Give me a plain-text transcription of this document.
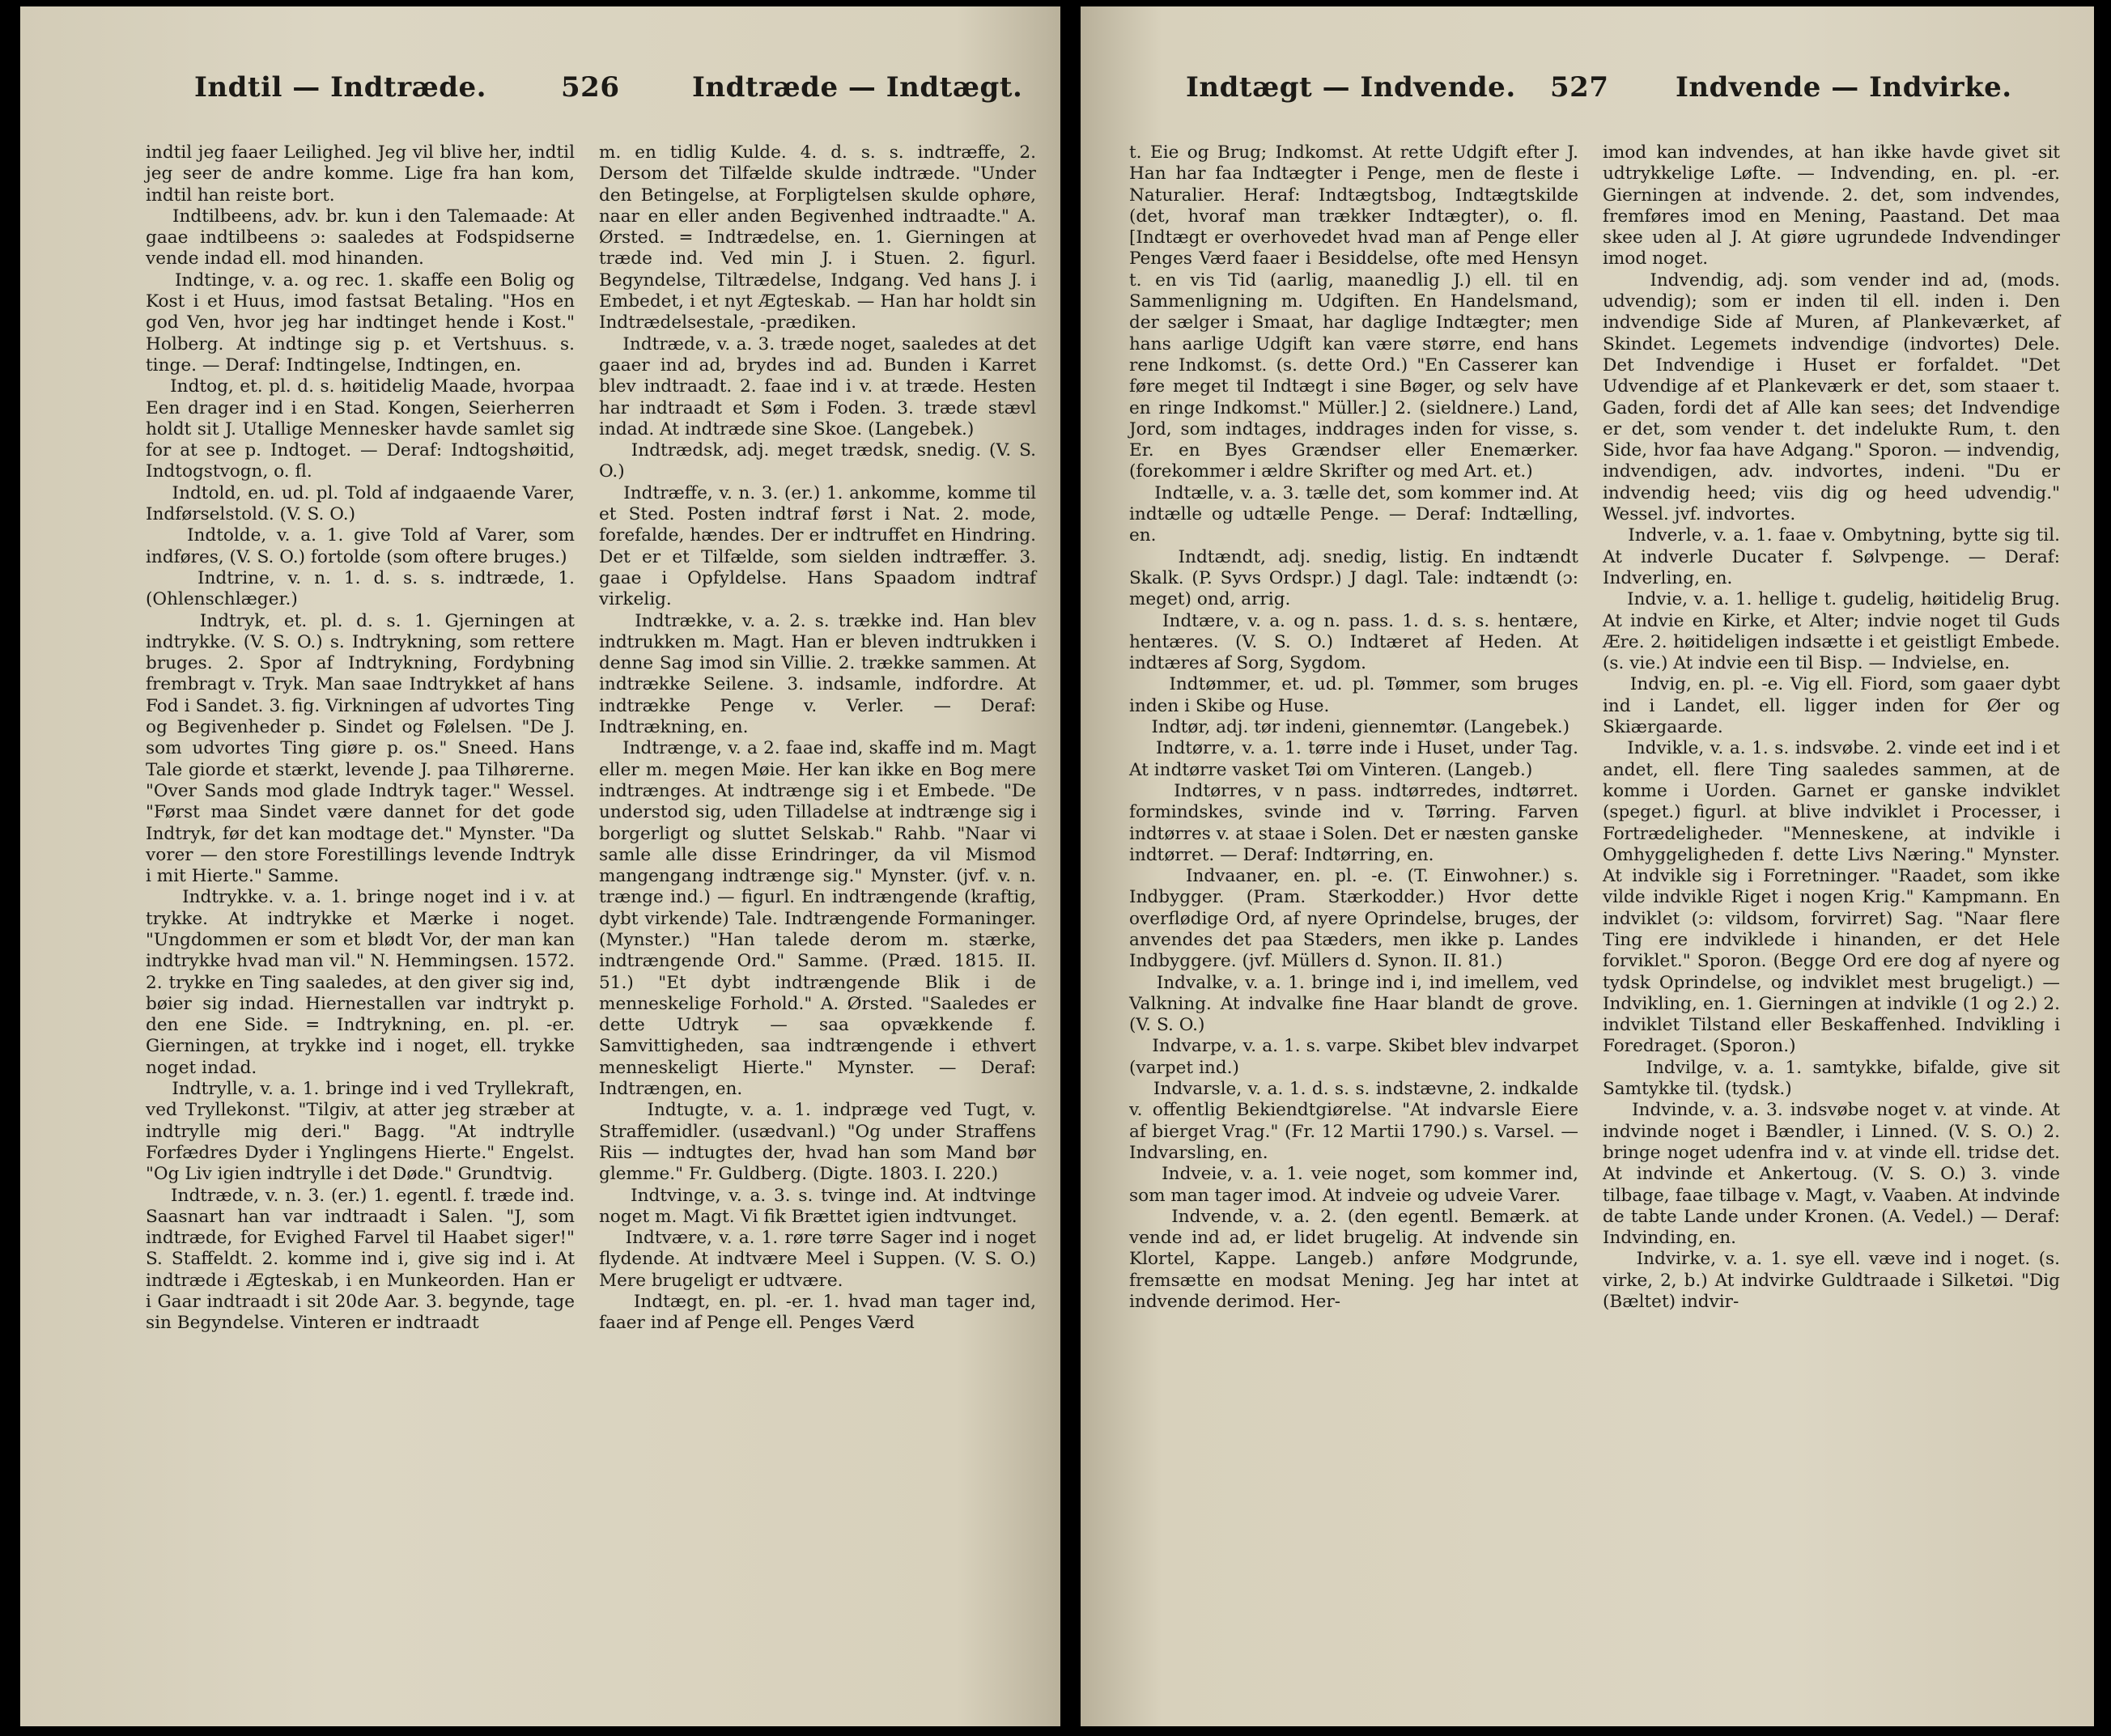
Indtil — Indtræde.	526	Indtræde — Indtægt.

indtil jeg faaer Leilighed. Jeg vil blive her, indtil jeg seer de andre komme. Lige fra han kom, indtil han reiste bort.

Indtilbeens, adv. br. kun i den Talemaade: At gaae indtilbeens ɔ: saaledes at Fodspidserne vende indad ell. mod hinanden.

Indtinge, v. a. og rec. 1. skaffe een Bolig og Kost i et Huus, imod fastsat Betaling. "Hos en god Ven, hvor jeg har indtinget hende i Kost." Holberg. At indtinge sig p. et Vertshuus. s. tinge. — Deraf: Indtingelse, Indtingen, en.

Indtog, et. pl. d. s. høitidelig Maade, hvorpaa Een drager ind i en Stad. Kongen, Seierherren holdt sit J. Utallige Mennesker havde samlet sig for at see p. Indtoget. — Deraf: Indtogshøitid, Indtogstvogn, o. fl.

Indtold, en. ud. pl. Told af indgaaende Varer, Indførselstold. (V. S. O.)

Indtolde, v. a. 1. give Told af Varer, som indføres, (V. S. O.) fortolde (som oftere bruges.)

Indtrine, v. n. 1. d. s. s. indtræde, 1. (Ohlenschlæger.)

Indtryk, et. pl. d. s. 1. Gjerningen at indtrykke. (V. S. O.) s. Indtrykning, som rettere bruges. 2. Spor af Indtrykning, Fordybning frembragt v. Tryk. Man saae Indtrykket af hans Fod i Sandet. 3. fig. Virkningen af udvortes Ting og Begivenheder p. Sindet og Følelsen. "De J. som udvortes Ting giøre p. os." Sneed. Hans Tale giorde et stærkt, levende J. paa Tilhørerne. "Over Sands mod glade Indtryk tager." Wessel. "Først maa Sindet være dannet for det gode Indtryk, før det kan modtage det." Mynster. "Da vorer — den store Forestillings levende Indtryk i mit Hierte." Samme.

Indtrykke. v. a. 1. bringe noget ind i v. at trykke. At indtrykke et Mærke i noget. "Ungdommen er som et blødt Vor, der man kan indtrykke hvad man vil." N. Hemmingsen. 1572. 2. trykke en Ting saaledes, at den giver sig ind, bøier sig indad. Hiernestallen var indtrykt p. den ene Side. = Indtrykning, en. pl. -er. Gierningen, at trykke ind i noget, ell. trykke noget indad.

Indtrylle, v. a. 1. bringe ind i ved Tryllekraft, ved Tryllekonst. "Tilgiv, at atter jeg stræber at indtrylle mig deri." Bagg. "At indtrylle Forfædres Dyder i Ynglingens Hierte." Engelst. "Og Liv igien indtrylle i det Døde." Grundtvig.

Indtræde, v. n. 3. (er.) 1. egentl. f. træde ind. Saasnart han var indtraadt i Salen. "J, som indtræde, for Evighed Farvel til Haabet siger!" S. Staffeldt. 2. komme ind i, give sig ind i. At indtræde i Ægteskab, i en Munkeorden. Han er i Gaar indtraadt i sit 20de Aar. 3. begynde, tage sin Begyndelse. Vinteren er indtraadt

m. en tidlig Kulde. 4. d. s. s. indtræffe, 2. Dersom det Tilfælde skulde indtræde. "Under den Betingelse, at Forpligtelsen skulde ophøre, naar en eller anden Begivenhed indtraadte." A. Ørsted. = Indtrædelse, en. 1. Gierningen at træde ind. Ved min J. i Stuen. 2. figurl. Begyndelse, Tiltrædelse, Indgang. Ved hans J. i Embedet, i et nyt Ægteskab. — Han har holdt sin Indtrædelsestale, -prædiken.

Indtræde, v. a. 3. træde noget, saaledes at det gaaer ind ad, brydes ind ad. Bunden i Karret blev indtraadt. 2. faae ind i v. at træde. Hesten har indtraadt et Søm i Foden. 3. træde stævl indad. At indtræde sine Skoe. (Langebek.)

Indtrædsk, adj. meget trædsk, snedig. (V. S. O.)

Indtræffe, v. n. 3. (er.) 1. ankomme, komme til et Sted. Posten indtraf først i Nat. 2. mode, forefalde, hændes. Der er indtruffet en Hindring. Det er et Tilfælde, som sielden indtræffer. 3. gaae i Opfyldelse. Hans Spaadom indtraf virkelig.

Indtrække, v. a. 2. s. trække ind. Han blev indtrukken m. Magt. Han er bleven indtrukken i denne Sag imod sin Villie. 2. trække sammen. At indtrække Seilene. 3. indsamle, indfordre. At indtrække Penge v. Verler. — Deraf: Indtrækning, en.

Indtrænge, v. a 2. faae ind, skaffe ind m. Magt eller m. megen Møie. Her kan ikke en Bog mere indtrænges. At indtrænge sig i et Embede. "De understod sig, uden Tilladelse at indtrænge sig i borgerligt og sluttet Selskab." Rahb. "Naar vi samle alle disse Erindringer, da vil Mismod mangengang indtrænge sig." Mynster. (jvf. v. n. trænge ind.) — figurl. En indtrængende (kraftig, dybt virkende) Tale. Indtrængende Formaninger. (Mynster.) "Han talede derom m. stærke, indtrængende Ord." Samme. (Præd. 1815. II. 51.) "Et dybt indtrængende Blik i de menneskelige Forhold." A. Ørsted. "Saaledes er dette Udtryk — saa opvækkende f. Samvittigheden, saa indtrængende i ethvert menneskeligt Hierte." Mynster. — Deraf: Indtrængen, en.

Indtugte, v. a. 1. indpræge ved Tugt, v. Straffemidler. (usædvanl.) "Og under Straffens Riis — indtugtes der, hvad han som Mand bør glemme." Fr. Guldberg. (Digte. 1803. I. 220.)

Indtvinge, v. a. 3. s. tvinge ind. At indtvinge noget m. Magt. Vi fik Brættet igien indtvunget.

Indtvære, v. a. 1. røre tørre Sager ind i noget flydende. At indtvære Meel i Suppen. (V. S. O.) Mere brugeligt er udtvære.

Indtægt, en. pl. -er. 1. hvad man tager ind, faaer ind af Penge ell. Penges Værd

Indtægt — Indvende. 527 Indvende — Indvirke.

t. Eie og Brug; Indkomst. At rette Udgift efter J. Han har faa Indtægter i Penge, men de fleste i Naturalier. Heraf: Indtægtsbog, Indtægtskilde (det, hvoraf man trækker Indtægter), o. fl. [Indtægt er overhovedet hvad man af Penge eller Penges Værd faaer i Besiddelse, ofte med Hensyn t. en vis Tid (aarlig, maanedlig J.) ell. til en Sammenligning m. Udgiften. En Handelsmand, der sælger i Smaat, har daglige Indtægter; men hans aarlige Udgift kan være større, end hans rene Indkomst. (s. dette Ord.) "En Casserer kan føre meget til Indtægt i sine Bøger, og selv have en ringe Indkomst." Müller.] 2. (sieldnere.) Land, Jord, som indtages, inddrages inden for visse, s. Er. en Byes Grændser eller Enemærker. (forekommer i ældre Skrifter og med Art. et.)

Indtælle, v. a. 3. tælle det, som kommer ind. At indtælle og udtælle Penge. — Deraf: Indtælling, en.

Indtændt, adj. snedig, listig. En indtændt Skalk. (P. Syvs Ordspr.) J dagl. Tale: indtændt (ɔ: meget) ond, arrig.

Indtære, v. a. og n. pass. 1. d. s. s. hentære, hentæres. (V. S. O.) Indtæret af Heden. At indtæres af Sorg, Sygdom.

Indtømmer, et. ud. pl. Tømmer, som bruges inden i Skibe og Huse.

Indtør, adj. tør indeni, giennemtør. (Langebek.)

Indtørre, v. a. 1. tørre inde i Huset, under Tag. At indtørre vasket Tøi om Vinteren. (Langeb.)

Indtørres, v n pass. indtørredes, indtørret. formindskes, svinde ind v. Tørring. Farven indtørres v. at staae i Solen. Det er næsten ganske indtørret. — Deraf: Indtørring, en.

Indvaaner, en. pl. -e. (T. Einwohner.) s. Indbygger. (Pram. Stærkodder.) Hvor dette overflødige Ord, af nyere Oprindelse, bruges, der anvendes det paa Stæders, men ikke p. Landes Indbyggere. (jvf. Müllers d. Synon. II. 81.)

Indvalke, v. a. 1. bringe ind i, ind imellem, ved Valkning. At indvalke fine Haar blandt de grove. (V. S. O.)

Indvarpe, v. a. 1. s. varpe. Skibet blev indvarpet (varpet ind.)

Indvarsle, v. a. 1. d. s. s. indstævne, 2. indkalde v. offentlig Bekiendtgiørelse. "At indvarsle Eiere af bierget Vrag." (Fr. 12 Martii 1790.) s. Varsel. — Indvarsling, en.

Indveie, v. a. 1. veie noget, som kommer ind, som man tager imod. At indveie og udveie Varer.

Indvende, v. a. 2. (den egentl. Bemærk. at vende ind ad, er lidet brugelig. At indvende sin Klortel, Kappe. Langeb.) anføre Modgrunde, fremsætte en modsat Mening. Jeg har intet at indvende derimod. Her-

imod kan indvendes, at han ikke havde givet sit udtrykkelige Løfte. — Indvending, en. pl. -er. Gierningen at indvende. 2. det, som indvendes, fremføres imod en Mening, Paastand. Det maa skee uden al J. At giøre ugrundede Indvendinger imod noget.

Indvendig, adj. som vender ind ad, (mods. udvendig); som er inden til ell. inden i. Den indvendige Side af Muren, af Plankeværket, af Skindet. Legemets indvendige (indvortes) Dele. Det Indvendige i Huset er forfaldet. "Det Udvendige af et Plankeværk er det, som staaer t. Gaden, fordi det af Alle kan sees; det Indvendige er det, som vender t. det indelukte Rum, t. den Side, hvor faa have Adgang." Sporon. — indvendig, indvendigen, adv. indvortes, indeni. "Du er indvendig heed; viis dig og heed udvendig." Wessel. jvf. indvortes.

Indverle, v. a. 1. faae v. Ombytning, bytte sig til. At indverle Ducater f. Sølvpenge. — Deraf: Indverling, en.

Indvie, v. a. 1. hellige t. gudelig, høitidelig Brug. At indvie en Kirke, et Alter; indvie noget til Guds Ære. 2. høitideligen indsætte i et geistligt Embede. (s. vie.) At indvie een til Bisp. — Indvielse, en.

Indvig, en. pl. -e. Vig ell. Fiord, som gaaer dybt ind i Landet, ell. ligger inden for Øer og Skiærgaarde.

Indvikle, v. a. 1. s. indsvøbe. 2. vinde eet ind i et andet, ell. flere Ting saaledes sammen, at de komme i Uorden. Garnet er ganske indviklet (speget.) figurl. at blive indviklet i Processer, i Fortrædeligheder. "Menneskene, at indvikle i Omhyggeligheden f. dette Livs Næring." Mynster. At indvikle sig i Forretninger. "Raadet, som ikke vilde indvikle Riget i nogen Krig." Kampmann. En indviklet (ɔ: vildsom, forvirret) Sag. "Naar flere Ting ere indviklede i hinanden, er det Hele forviklet." Sporon. (Begge Ord ere dog af nyere og tydsk Oprindelse, og indviklet mest brugeligt.) — Indvikling, en. 1. Gierningen at indvikle (1 og 2.) 2. indviklet Tilstand eller Beskaffenhed. Indvikling i Foredraget. (Sporon.)

Indvilge, v. a. 1. samtykke, bifalde, give sit Samtykke til. (tydsk.)

Indvinde, v. a. 3. indsvøbe noget v. at vinde. At indvinde noget i Bændler, i Linned. (V. S. O.) 2. bringe noget udenfra ind v. at vinde ell. tridse det. At indvinde et Ankertoug. (V. S. O.) 3. vinde tilbage, faae tilbage v. Magt, v. Vaaben. At indvinde de tabte Lande under Kronen. (A. Vedel.) — Deraf: Indvinding, en.

Indvirke, v. a. 1. sye ell. væve ind i noget. (s. virke, 2, b.) At indvirke Guldtraade i Silketøi. "Dig (Bæltet) indvir-
